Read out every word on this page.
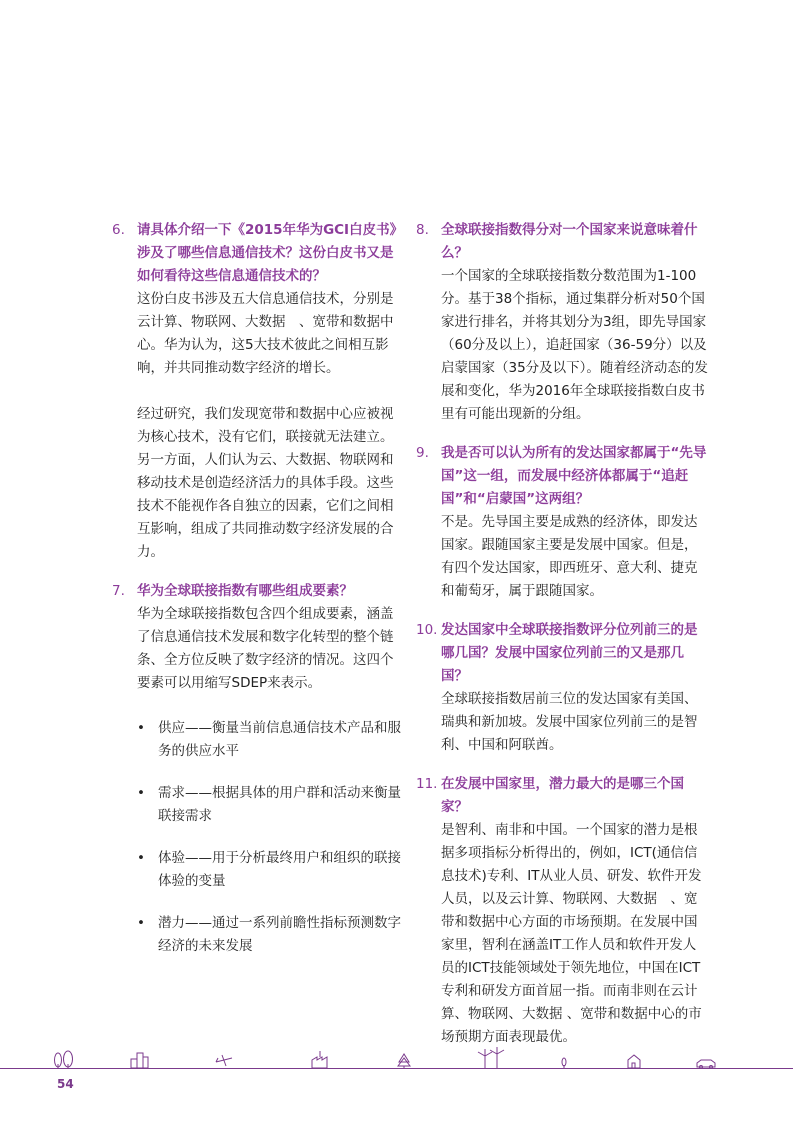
6. 请具体介绍一下《2015年华为GCI白皮书》涉及了哪些信息通信技术？这份白皮书又是如何看待这些信息通信技术的？

这份白皮书涉及五大信息通信技术，分别是云计算、物联网、大数据　、宽带和数据中心。华为认为，这5大技术彼此之间相互影响，并共同推动数字经济的增长。

经过研究，我们发现宽带和数据中心应被视为核心技术，没有它们，联接就无法建立。另一方面，人们认为云、大数据、物联网和移动技术是创造经济活力的具体手段。这些技术不能视作各自独立的因素，它们之间相互影响，组成了共同推动数字经济发展的合力。

7. 华为全球联接指数有哪些组成要素？

华为全球联接指数包含四个组成要素，涵盖了信息通信技术发展和数字化转型的整个链条、全方位反映了数字经济的情况。这四个要素可以用缩写SDEP来表示。

• 供应——衡量当前信息通信技术产品和服务的供应水平
• 需求——根据具体的用户群和活动来衡量联接需求
• 体验——用于分析最终用户和组织的联接体验的变量
• 潜力——通过一系列前瞻性指标预测数字经济的未来发展
8. 全球联接指数得分对一个国家来说意味着什么？

一个国家的全球联接指数分数范围为1-100分。基于38个指标，通过集群分析对50个国家进行排名，并将其划分为3组，即先导国家（60分及以上），追赶国家（36-59分）以及启蒙国家（35分及以下）。随着经济动态的发展和变化，华为2016年全球联接指数白皮书里有可能出现新的分组。

9. 我是否可以认为所有的发达国家都属于“先导国”这一组，而发展中经济体都属于“追赶国”和“启蒙国”这两组？

不是。先导国主要是成熟的经济体，即发达国家。跟随国家主要是发展中国家。但是，有四个发达国家，即西班牙、意大利、捷克和葡萄牙，属于跟随国家。

10. 发达国家中全球联接指数评分位列前三的是哪几国？发展中国家位列前三的又是那几国？

全球联接指数居前三位的发达国家有美国、瑞典和新加坡。发展中国家位列前三的是智利、中国和阿联酋。

11. 在发展中国家里，潜力最大的是哪三个国家？

是智利、南非和中国。一个国家的潜力是根据多项指标分析得出的，例如，ICT(通信信息技术)专利、IT从业人员、研发、软件开发人员，以及云计算、物联网、大数据　、宽带和数据中心方面的市场预期。在发展中国家里，智利在涵盖IT工作人员和软件开发人员的ICT技能领域处于领先地位，中国在ICT专利和研发方面首屈一指。而南非则在云计算、物联网、大数据 、宽带和数据中心的市场预期方面表现最优。

54
